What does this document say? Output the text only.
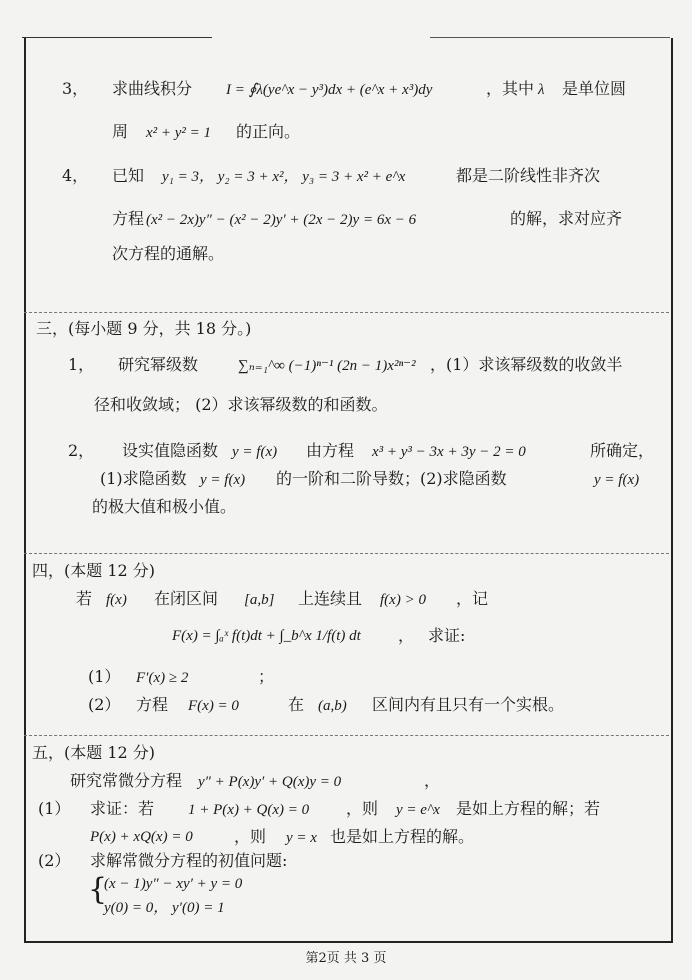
3， 求曲线积分 I = ∮λ(ye^x − y³)dx + (e^x + x³)dy	，其中 λ 是单位圆
周 x² + y² = 1 的正向。
4， 已知 y₁ = 3， y₂ = 3 + x²， y₃ = 3 + x² + e^x	都是二阶线性非齐次
方程 (x² − 2x)y″ − (x² − 2)y′ + (2x − 2)y = 6x − 6	的解，求对应齐
次方程的通解。
三，(每小题 9 分，共 18 分。)
1， 研究幂级数	∑ₙ₌₁^∞ (−1)ⁿ⁻¹ (2n − 1)x²ⁿ⁻² ，(1）求该幂级数的收敛半
径和收敛域； (2）求该幂级数的和函数。
2， 设实值隐函数 y = f(x) 由方程 x³ + y³ − 3x + 3y − 2 = 0	所确定，
(1)求隐函数 y = f(x) 的一阶和二阶导数；(2)求隐函数	y = f(x)
的极大值和极小值。
四，(本题 12 分)
若 f(x) 在闭区间 [a,b] 上连续且 f(x) > 0 ，记
F(x) = ∫ₐˣ f(t)dt + ∫_b^x 1/f(t) dt ， 求证:
(1） F′(x) ≥ 2	；
(2） 方程 F(x) = 0	在 (a,b) 区间内有且只有一个实根。
五，(本题 12 分)
研究常微分方程 y″ + P(x)y′ + Q(x)y = 0	，
(1） 求证：若 1 + P(x) + Q(x) = 0 ，则 y = e^x 是如上方程的解；若
P(x) + xQ(x) = 0	，则 y = x 也是如上方程的解。
(2） 求解常微分方程的初值问题:
{
(x − 1)y″ − xy′ + y = 0
y(0) = 0， y′(0) = 1
第2页 共 3 页
